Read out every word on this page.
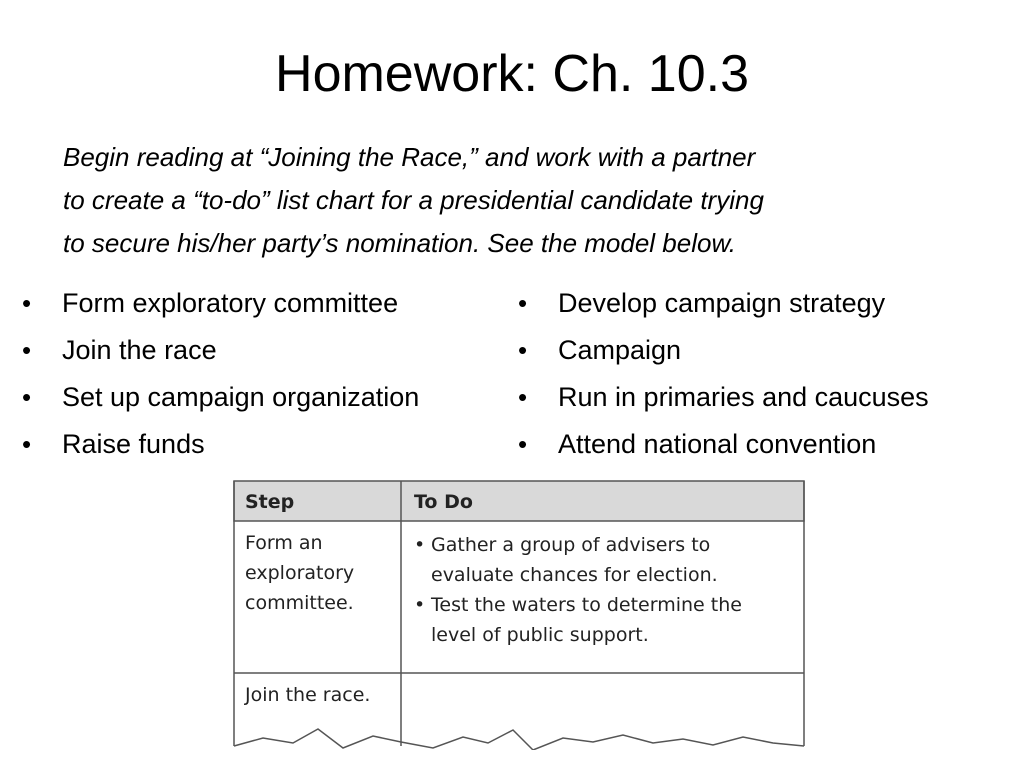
Homework: Ch. 10.3
Begin reading at “Joining the Race,” and work with a partner
to create a “to-do” list chart for a presidential candidate trying
to secure his/her party’s nomination. See the model below.
• Form exploratory committee
• Join the race
• Set up campaign organization
• Raise funds
• Develop campaign strategy
• Campaign
• Run in primaries and caucuses
• Attend national convention
Step	To Do
Form an
exploratory
committee.
• Gather a group of advisers to
evaluate chances for election.
• Test the waters to determine the
level of public support.
Join the race.
